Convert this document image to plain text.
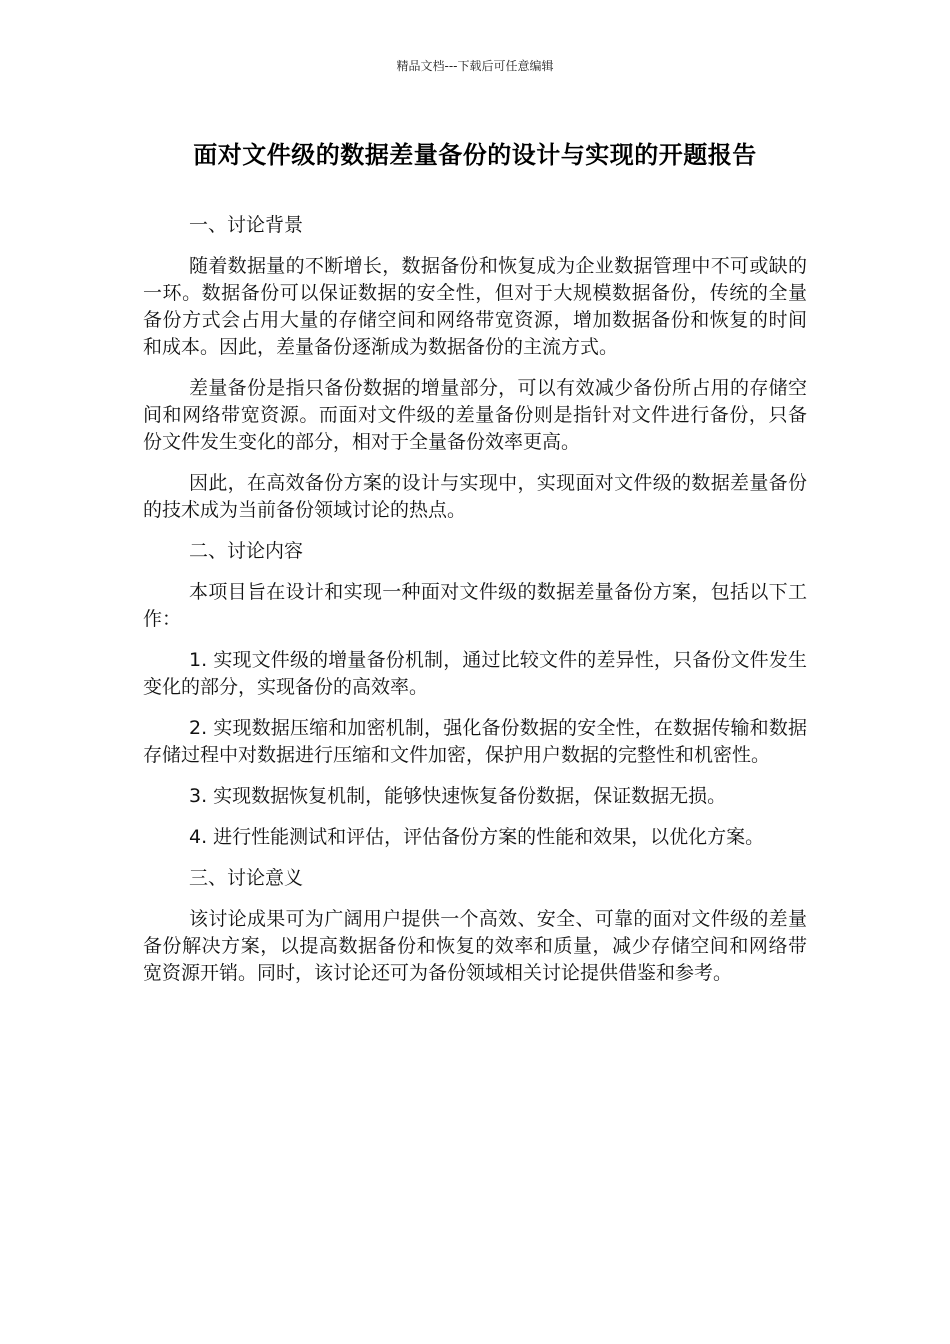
精品文档---下载后可任意编辑
面对文件级的数据差量备份的设计与实现的开题报告

一、讨论背景

随着数据量的不断增长，数据备份和恢复成为企业数据管理中不可或缺的一环。数据备份可以保证数据的安全性，但对于大规模数据备份，传统的全量备份方式会占用大量的存储空间和网络带宽资源，增加数据备份和恢复的时间和成本。因此，差量备份逐渐成为数据备份的主流方式。

差量备份是指只备份数据的增量部分，可以有效减少备份所占用的存储空间和网络带宽资源。而面对文件级的差量备份则是指针对文件进行备份，只备份文件发生变化的部分，相对于全量备份效率更高。

因此，在高效备份方案的设计与实现中，实现面对文件级的数据差量备份的技术成为当前备份领域讨论的热点。

二、讨论内容

本项目旨在设计和实现一种面对文件级的数据差量备份方案，包括以下工作：

1. 实现文件级的增量备份机制，通过比较文件的差异性，只备份文件发生变化的部分，实现备份的高效率。

2. 实现数据压缩和加密机制，强化备份数据的安全性，在数据传输和数据存储过程中对数据进行压缩和文件加密，保护用户数据的完整性和机密性。

3. 实现数据恢复机制，能够快速恢复备份数据，保证数据无损。

4. 进行性能测试和评估，评估备份方案的性能和效果，以优化方案。

三、讨论意义

该讨论成果可为广阔用户提供一个高效、安全、可靠的面对文件级的差量备份解决方案，以提高数据备份和恢复的效率和质量，减少存储空间和网络带宽资源开销。同时，该讨论还可为备份领域相关讨论提供借鉴和参考。
